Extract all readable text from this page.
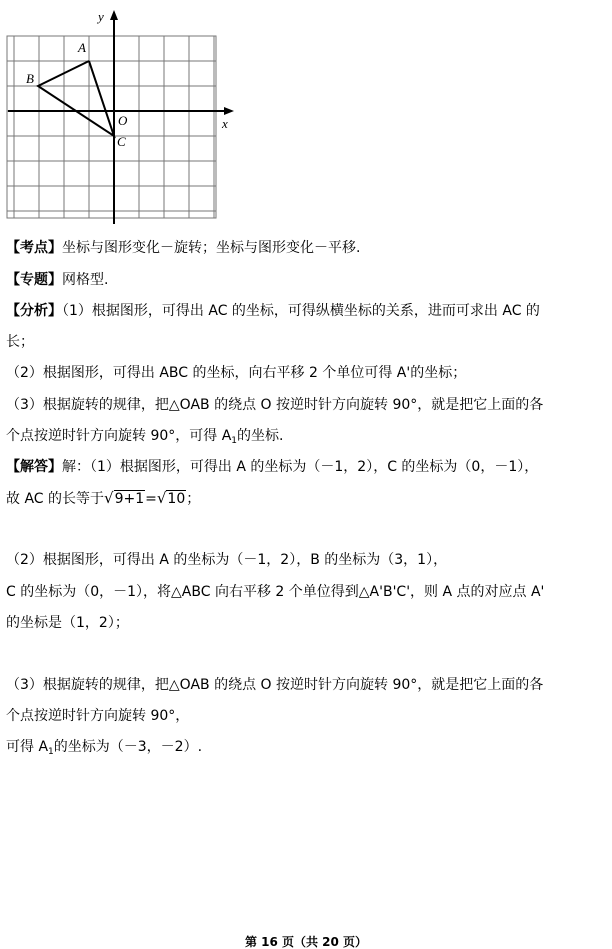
x
y
O
A
B
C
【考点】坐标与图形变化－旋转；坐标与图形变化－平移.
【专题】网格型.
【分析】（1）根据图形，可得出 AC 的坐标，可得纵横坐标的关系，进而可求出 AC 的
长；
（2）根据图形，可得出 ABC 的坐标，向右平移 2 个单位可得 A'的坐标；
（3）根据旋转的规律，把△OAB 的绕点 O 按逆时针方向旋转 90°，就是把它上面的各
个点按逆时针方向旋转 90°，可得 $A_1$的坐标.
【解答】解：（1）根据图形，可得出 A 的坐标为（－1，2），C 的坐标为（0，－1），
故 AC 的长等于√9+1=√10；
（2）根据图形，可得出 A 的坐标为（－1，2），B 的坐标为（3，1），
C 的坐标为（0，－1），将△ABC 向右平移 2 个单位得到△A'B'C'，则 A 点的对应点 A'
的坐标是（1，2）；
（3）根据旋转的规律，把△OAB 的绕点 O 按逆时针方向旋转 90°，就是把它上面的各
个点按逆时针方向旋转 90°，
可得 $A_1$的坐标为（－3，－2）.
第 16 页（共 20 页）
